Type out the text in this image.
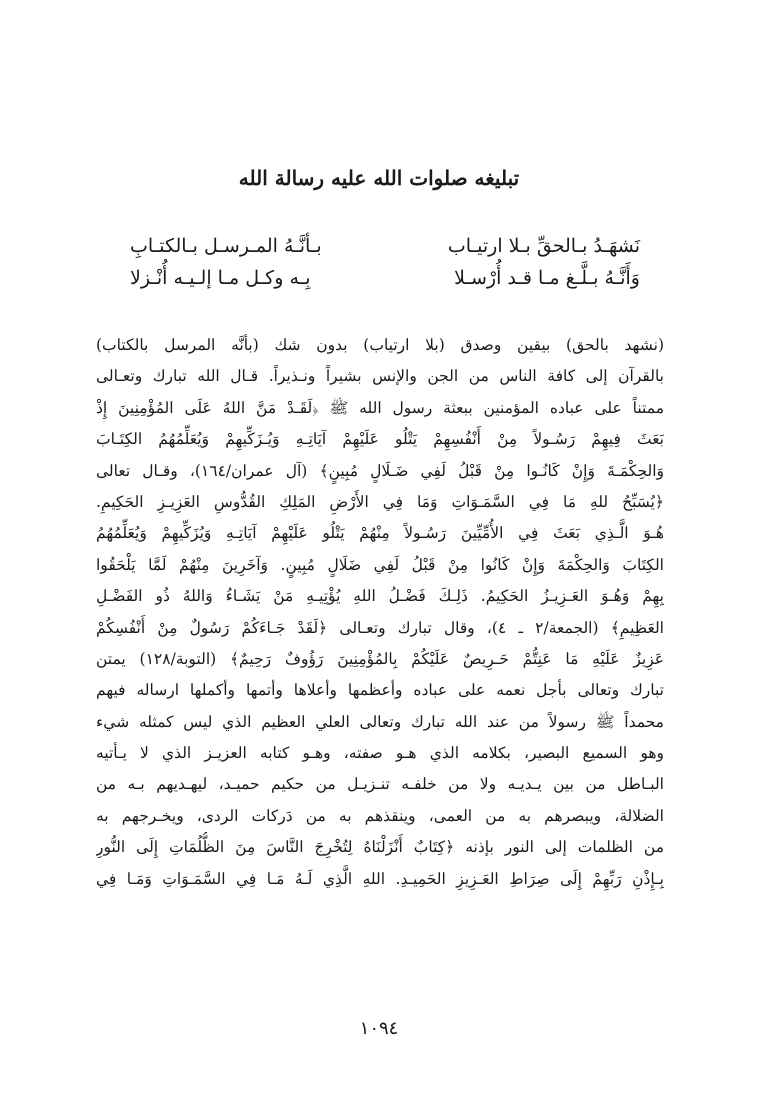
تبليغه صلوات الله عليه رسالة الله
نَشهَـدُ بـالحقِّ بـلا ارتيـاب
بـأنَّـهُ المـرسـل بـالكتـابِ
وَأَنَّـهُ بـلَّـغ مـا قـد أُرْسـلا
بِـه وكـل مـا إلـيـه أُنْـزلا
(نشهد بالحق) بيقين وصدق (بلا ارتياب) بدون شك (بأنَّه المرسل بالكتاب)
بالقرآن إلى كافة الناس من الجن والإنس بشيراً ونـذيراً. قـال الله تبارك وتعـالى
ممتناً على عباده المؤمنين ببعثة رسول الله ﷺ ﴿لَقَـدْ مَنَّ اللهُ عَلَى المُؤْمِنِينَ إِذْ
بَعَثَ فِيهِمْ رَسُـولاً مِنْ أَنْفُسِهِمْ يَتْلُو عَلَيْهِمْ آيَاتِـهِ وَيُـزَكِّيهِمْ وَيُعَلِّمُهُمُ الكِتَـابَ
وَالحِكْمَـةَ وَإِنْ كَانُـوا مِنْ قَبْلُ لَفِي ضَـلَالٍ مُبِينٍ﴾ (آل عمران/١٦٤)، وقـال تعالى
﴿يُسَبِّحُ للهِ مَا فِي السَّمَـوَاتِ وَمَا فِي الأَرْضِ المَلِكِ القُدُّوسِ العَزِيـزِ الحَكِيمِ.
هُـوَ الَّـذِي بَعَثَ فِي الأُمِّيِّينَ رَسُـولاً مِنْهُمْ يَتْلُو عَلَيْهِمْ آيَاتِـهِ وَيُزَكِّيهِمْ وَيُعَلِّمُهُمُ
الكِتَابَ وَالحِكْمَةَ وَإِنْ كَانُوا مِنْ قَبْلُ لَفِي ضَلَالٍ مُبِينٍ. وَآخَرِينَ مِنْهُمْ لَمَّا يَلْحَقُوا
بِهِمْ وَهُـوَ العَـزِيـزُ الحَكِيمُ. ذَلِـكَ فَضْـلُ اللهِ يُؤْتِيـهِ مَنْ يَشَـاءُ وَاللهُ ذُو الفَضْـلِ
العَظِيمِ﴾ (الجمعة/٢ ـ ٤)، وقال تبارك وتعـالى ﴿لَقَدْ جَـاءَكُمْ رَسُولٌ مِنْ أَنْفُسِكُمْ
عَزِيزٌ عَلَيْهِ مَا عَنِتُّمْ حَـرِيصٌ عَلَيْكُمْ بِالمُؤْمِنِينَ رَؤُوفٌ رَحِيمٌ﴾ (التوبة/١٢٨) يمتن
تبارك وتعالى بأجل نعمه على عباده وأعظمها وأعلاها وأتمها وأكملها ارساله فيهم
محمداً ﷺ رسولاً من عند الله تبارك وتعالى العلي العظيم الذي ليس كمثله شيء
وهو السميع البصير، بكلامه الذي هـو صفته، وهـو كتابه العزيـز الذي لا يـأتيه
البـاطل من بين يـديـه ولا من خلفـه تنـزيـل من حكيم حميـد، ليهـديهم بـه من
الضلالة، ويبصرهم به من العمى، وينقذهم به من دَركات الردى، ويخـرجهم به
من الظلمات إلى النور بإذنه ﴿كِتَابٌ أَنْزَلْنَاهُ لِتُخْرِجَ النَّاسَ مِنَ الظُّلُمَاتِ إِلَى النُّورِ
بِـإِذْنِ رَبِّهِمْ إِلَى صِرَاطِ العَـزِيزِ الحَمِيـدِ. اللهِ الَّذِي لَـهُ مَـا فِي السَّمَـوَاتِ وَمَـا فِي
١٠٩٤
